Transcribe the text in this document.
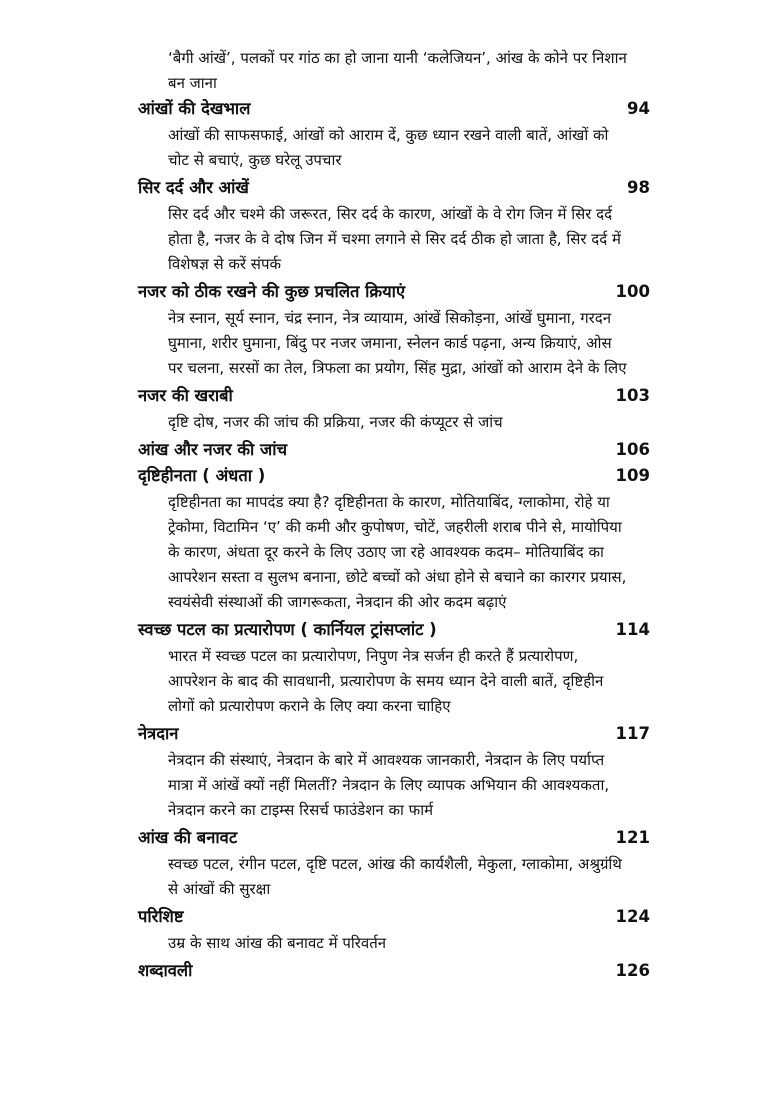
‘बैगी आंखें’, पलकों पर गांठ का हो जाना यानी ‘कलेजियन’, आंख के कोने पर निशान बन जाना

आंखों की देखभाल	94

आंखों की साफसफाई, आंखों को आराम दें, कुछ ध्यान रखने वाली बातें, आंखों को चोट से बचाएं, कुछ घरेलू उपचार

सिर दर्द और आंखें	98

सिर दर्द और चश्मे की जरूरत, सिर दर्द के कारण, आंखों के वे रोग जिन में सिर दर्द होता है, नजर के वे दोष जिन में चश्मा लगाने से सिर दर्द ठीक हो जाता है, सिर दर्द में विशेषज्ञ से करें संपर्क

नजर को ठीक रखने की कुछ प्रचलित क्रियाएं	100

नेत्र स्नान, सूर्य स्नान, चंद्र स्नान, नेत्र व्यायाम, आंखें सिकोड़ना, आंखें घुमाना, गरदन घुमाना, शरीर घुमाना, बिंदु पर नजर जमाना, स्नेलन कार्ड पढ़ना, अन्य क्रियाएं, ओस पर चलना, सरसों का तेल, त्रिफला का प्रयोग, सिंह मुद्रा, आंखों को आराम देने के लिए

नजर की खराबी	103

दृष्टि दोष, नजर की जांच की प्रक्रिया, नजर की कंप्यूटर से जांच

आंख और नजर की जांच	106
दृष्टिहीनता ( अंधता )	109

दृष्टिहीनता का मापदंड क्या है? दृष्टिहीनता के कारण, मोतियाबिंद, ग्लाकोमा, रोहे या ट्रेकोमा, विटामिन ‘ए’ की कमी और कुपोषण, चोटें, जहरीली शराब पीने से, मायोपिया के कारण, अंधता दूर करने के लिए उठाए जा रहे आवश्यक कदम– मोतियाबिंद का आपरेशन सस्ता व सुलभ बनाना, छोटे बच्चों को अंधा होने से बचाने का कारगर प्रयास, स्वयंसेवी संस्थाओं की जागरूकता, नेत्रदान की ओर कदम बढ़ाएं

स्वच्छ पटल का प्रत्यारोपण ( कार्नियल ट्रांसप्लांट )	114

भारत में स्वच्छ पटल का प्रत्यारोपण, निपुण नेत्र सर्जन ही करते हैं प्रत्यारोपण, आपरेशन के बाद की सावधानी, प्रत्यारोपण के समय ध्यान देने वाली बातें, दृष्टिहीन लोगों को प्रत्यारोपण कराने के लिए क्या करना चाहिए

नेत्रदान	117

नेत्रदान की संस्थाएं, नेत्रदान के बारे में आवश्यक जानकारी, नेत्रदान के लिए पर्याप्त मात्रा में आंखें क्यों नहीं मिलतीं? नेत्रदान के लिए व्यापक अभियान की आवश्यकता, नेत्रदान करने का टाइम्स रिसर्च फाउंडेशन का फार्म

आंख की बनावट	121

स्वच्छ पटल, रंगीन पटल, दृष्टि पटल, आंख की कार्यशैली, मेकुला, ग्लाकोमा, अश्रुग्रंथि से आंखों की सुरक्षा

परिशिष्ट	124

उम्र के साथ आंख की बनावट में परिवर्तन

शब्दावली	126
